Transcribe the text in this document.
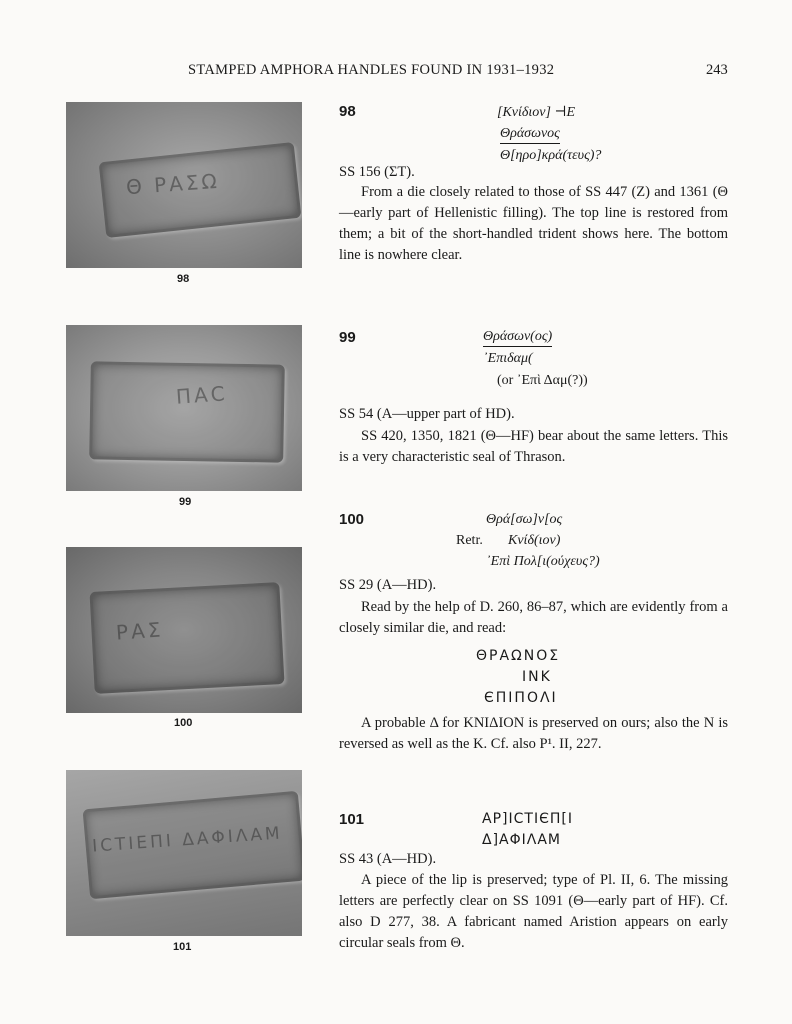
STAMPED AMPHORA HANDLES FOUND IN 1931–1932	243
Θ ΡΑΣΩ
98
ΠΑC
99
ΡΑΣ
100
ΙCΤΙΕΠΙ ΔΑΦΙΛΑΜ
101
98	[Κνίδιον] ⊣Ε
Θράσωνος
Θ[ηρο]κρά(τευς)?
SS 156 (ΣΤ).

From a die closely related to those of SS 447 (Z) and 1361 (Θ—early part of Hellenistic filling). The top line is restored from them; a bit of the short-handled trident shows here. The bottom line is nowhere clear.

99	Θράσων(ος)
᾿Επιδαμ(
(or ᾿Επὶ Δαμ(?))
SS 54 (A—upper part of HD).

SS 420, 1350, 1821 (Θ—HF) bear about the same letters. This is a very characteristic seal of Thrason.

100	Θρά[σω]ν[ος
Retr. Κνίδ(ιον)
᾿Επὶ Πολ[ι(ούχευς?)
SS 29 (A—HD).

Read by the help of D. 260, 86–87, which are evidently from a closely similar die, and read:

ΘΡΑΩΝΟΣ
ΙΝΚ
ЄΠΙΠΟΛΙ

A probable Δ for ΚΝΙΔΙΟΝ is preserved on ours; also the N is reversed as well as the K. Cf. also P¹. II, 227.

101	ΑΡ]ΙCΤΙЄΠ[Ι
Δ]ΑΦΙΛΑΜ
SS 43 (A—HD).

A piece of the lip is preserved; type of Pl. II, 6. The missing letters are perfectly clear on SS 1091 (Θ—early part of HF). Cf. also D 277, 38. A fabricant named Aristion appears on early circular seals from Θ.
